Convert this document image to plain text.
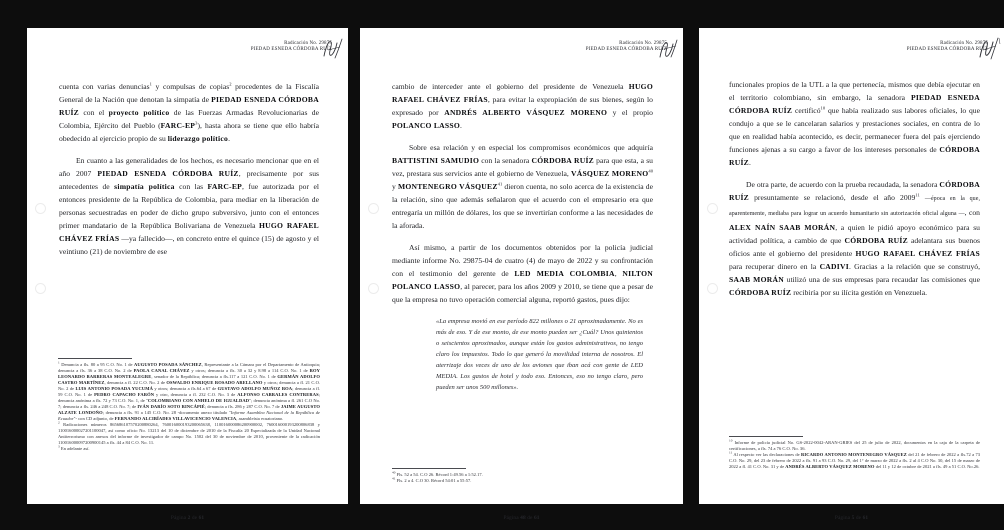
Radicación No. 29875
PIEDAD ESNEDA CÓRDOBA RUÍZ

cuenta con varias denuncias$^1$ y compulsas de copias$^2$ procedentes de la Fiscalía General de la Nación que denotan la simpatía de PIEDAD ESNEDA CÓRDOBA RUÍZ con el proyecto político de las Fuerzas Armadas Revolucionarias de Colombia, Ejército del Pueblo $(FARC-EP^3)$, hasta ahora se tiene que ello habría obedecido al ejercicio propio de su liderazgo político.

En cuanto a las generalidades de los hechos, es necesario mencionar que en el año 2007 PIEDAD ESNEDA CÓRDOBA RUÍZ, precisamente por sus antecedentes de simpatía política con las FARC-EP, fue autorizada por el entonces presidente de la República de Colombia, para mediar en la liberación de personas secuestradas en poder de dicho grupo subversivo, junto con el entonces primer mandatario de la República Bolivariana de Venezuela HUGO RAFAEL CHÁVEZ FRÍAS —ya fallecido—, en concreto entre el quince (15) de agosto y el veintiuno (21) de noviembre de ese

$^1$ Denuncia a fls. 80 a 95 C.O. No. 1 de AUGUSTO POSADA SÁNCHEZ, Representante a la Cámara por el Departamento de Antioquia; denuncia a fls. 36 a 38 C.O. No. 2 de PAOLA CANAL CHÁVEZ y otros; denuncia a fls. 30 a 32 y 8.98 a 114 C.O. No. 1 de ROY LEONARDO BARRERAS MONTEALEGRE, senador de la República; denuncia a fls.117 a 121 C.O. No. 1 de GERMÁN ADOLFO CASTRO MARTÍNEZ, denuncia a fl. 22 C.O. No. 2 de OSWALDO ENRIQUE ROSADO ARELLANO y otros; denuncia a fl. 21 C.O. No. 2 de LUIS ANTONIO POSADA YUCUMÁ y otros; denuncia a fls.64 a 67 de GUSTAVO ADOLFO MUÑOZ ROA; denuncia a fl. 59 C.O. No. 1 de PEDRO CAPACHO FARÓN y otro, denuncia a fl. 232 C.O. No. 3 de ALFONSO CABRALES CONTRERAS; denuncia anónima a fls. 72 y 73 C.O. No. 1, de "COLOMBIANO CON ANHELO DE IGUALDAD"; denuncia anónima a fl. 261 C.O No. 7; denuncia a fls. 246 a 248 C.O. No. 7; de IVÁN DARÍO SOTO RINCÁPIÉ; denuncia a fls. 286 y 287 C.O. No. 7 de JAIME AUGUSTO ALZATE LONDOÑO; denuncia a fls. 91 a 145 C.O. No. 28 -documento anexo titulado "Informe Asamblea Nacional de la República de Ecuador"- con CD adjunto, de FERNANDO ALCIBÍADES VILLAVICENCIO VALENCIA, asambleísta ecuatoriano.

$^2$ Radicaciones números 865686107570200880264, 760016000193200065638, 110016000086200900002, 760016000193200806838 y 110016000027201100047, así como oficio No. 13213 del 10 de diciembre de 2010 de la Fiscalía 20 Especializada de la Unidad Nacional Antiterrorismo con anexos del informe de investigador de campo No. 1502 del 30 de noviembre de 2010, proveniente de la radicación 110016000097200900145 a fls. 44 a 84 C.O. No. 11.

$^3$ En adelante así.

Página 2 de 61
Radicación No. 29875
PIEDAD ESNEDA CÓRDOBA RUÍZ

cambio de interceder ante el gobierno del presidente de Venezuela HUGO RAFAEL CHÁVEZ FRÍAS, para evitar la expropiación de sus bienes, según lo expresado por ANDRÉS ALBERTO VÁSQUEZ MORENO y el propio POLANCO LASSO.

Sobre esa relación y en especial los compromisos económicos que adquiría BATTISTINI SAMUDIO con la senadora CÓRDOBA RUÍZ para que esta, a su vez, prestara sus servicios ante el gobierno de Venezuela, VÁSQUEZ MORENO$^{40}$ y MONTENEGRO VÁSQUEZ$^{41}$ dieron cuenta, no solo acerca de la existencia de la relación, sino que además señalaron que el acuerdo con el empresario era que entregaría un millón de dólares, los que se invertirían conforme a las necesidades de la aforada.

Así mismo, a partir de los documentos obtenidos por la policía judicial mediante informe No. 29875-04 de cuatro (4) de mayo de 2022 y su confrontación con el testimonio del gerente de LED MEDIA COLOMBIA, NILTON POLANCO LASSO, al parecer, para los años 2009 y 2010, se tiene que a pesar de que la empresa no tuvo operación comercial alguna, reportó gastos, pues dijo:

«La empresa movió en ese período 822 millones o 21 aproximadamente. No es más de eso. Y de ese monto, de ese monto pueden ser ¿Cuál? Unos quinientos o seiscientos aproximados, aunque están los gastos administrativos, no tengo claro los impuestos. Todo lo que generó la movilidad interna de nosotros. El aterrizaje dos veces de uno de los aviones que iban acá con gente de LED MEDIA. Los gastos de hotel y todo eso. Entonces, eso no tengo claro, pero pueden ser unos 500 millones».

$^{40}$ Fls. 52 a 54. C.O 26. Récord 1:49.56 a 1:52.17.

$^{41}$ Fls. 2 a 4. C.O 30. Récord 54:01 a 55:57.

Página 48 de 61
Radicación No. 29875
PIEDAD ESNEDA CÓRDOBA RUÍZ

funcionales propios de la UTL a la que pertenecía, mismos que debía ejecutar en el territorio colombiano, sin embargo, la senadora PIEDAD ESNEDA CÓRDOBA RUÍZ certificó$^{10}$ que había realizado sus labores oficiales, lo que condujo a que se le cancelaran salarios y prestaciones sociales, en contra de lo que en realidad había acontecido, es decir, permanecer fuera del país ejerciendo funciones ajenas a su cargo a favor de los intereses personales de CÓRDOBA RUÍZ.

De otra parte, de acuerdo con la prueba recaudada, la senadora CÓRDOBA RUÍZ presuntamente se relacionó, desde el año 2009$^{11}$ —época en la que, aparentemente, mediaba para lograr un acuerdo humanitario sin autorización oficial alguna —, con ALEX NAÍN SAAB MORÁN, a quien le pidió apoyo económico para su actividad política, a cambio de que CÓRDOBA RUÍZ adelantara sus buenos oficios ante el gobierno del presidente HUGO RAFAEL CHÁVEZ FRÍAS para recuperar dinero en la CADIVI. Gracias a la relación que se construyó, SAAB MORÁN utilizó una de sus empresas para recaudar las comisiones que CÓRDOBA RUÍZ recibiría por su ilícita gestión en Venezuela.

$^{10}$ Informe de policía judicial No. GS-2022-0042-ARAN-GRIES del 25 de julio de 2022, documentos en la caja de la carpeta de certificaciones, a fls. 74 a 76 C.O. No. 36.

$^{11}$ Al respecto ver las declaraciones de RICARDO ANTONIO MONTENEGRO VÁSQUEZ del 21 de febrero de 2022 a fls.72 a 73 C.O. No. 29, del 23 de febrero de 2022 a fls. 91 a 93 C.O. No. 29, del 1° de marzo de 2022 a fls. 2 al 4 C.O No. 30, del 15 de marzo de 2022 a fl. 41 C.O. No. 31 y de ANDRÉS ALBERTO VÁSQUEZ MORENO del 11 y 12 de octubre de 2021 a fls. 49 a 51 C.O. No.26.

Página 5 de 61
